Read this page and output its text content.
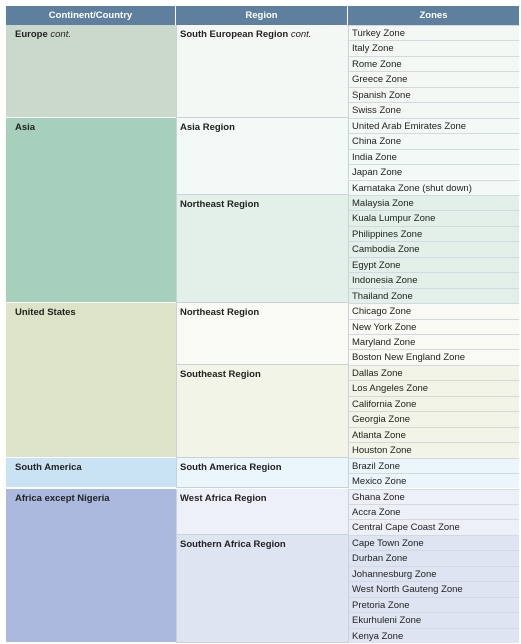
Continent/Country	Region	Zones
Europe cont.	South European Region cont.	Turkey Zone
Italy Zone
Rome Zone
Greece Zone
Spanish Zone
Swiss Zone
Asia	Asia Region	United Arab Emirates Zone
China Zone
India Zone
Japan Zone
Karnataka Zone (shut down)
Northeast Region	Malaysia Zone
Kuala Lumpur Zone
Philippines Zone
Cambodia Zone
Egypt Zone
Indonesia Zone
Thailand Zone
United States	Northeast Region	Chicago Zone
New York Zone
Maryland Zone
Boston New England Zone
Southeast Region	Dallas Zone
Los Angeles Zone
California Zone
Georgia Zone
Atlanta Zone
Houston Zone
South America	South America Region	Brazil Zone
Mexico Zone
Africa except Nigeria	West Africa Region	Ghana Zone
Accra Zone
Central Cape Coast Zone
Southern Africa Region	Cape Town Zone
Durban Zone
Johannesburg Zone
West North Gauteng Zone
Pretoria Zone
Ekurhuleni Zone
Kenya Zone
